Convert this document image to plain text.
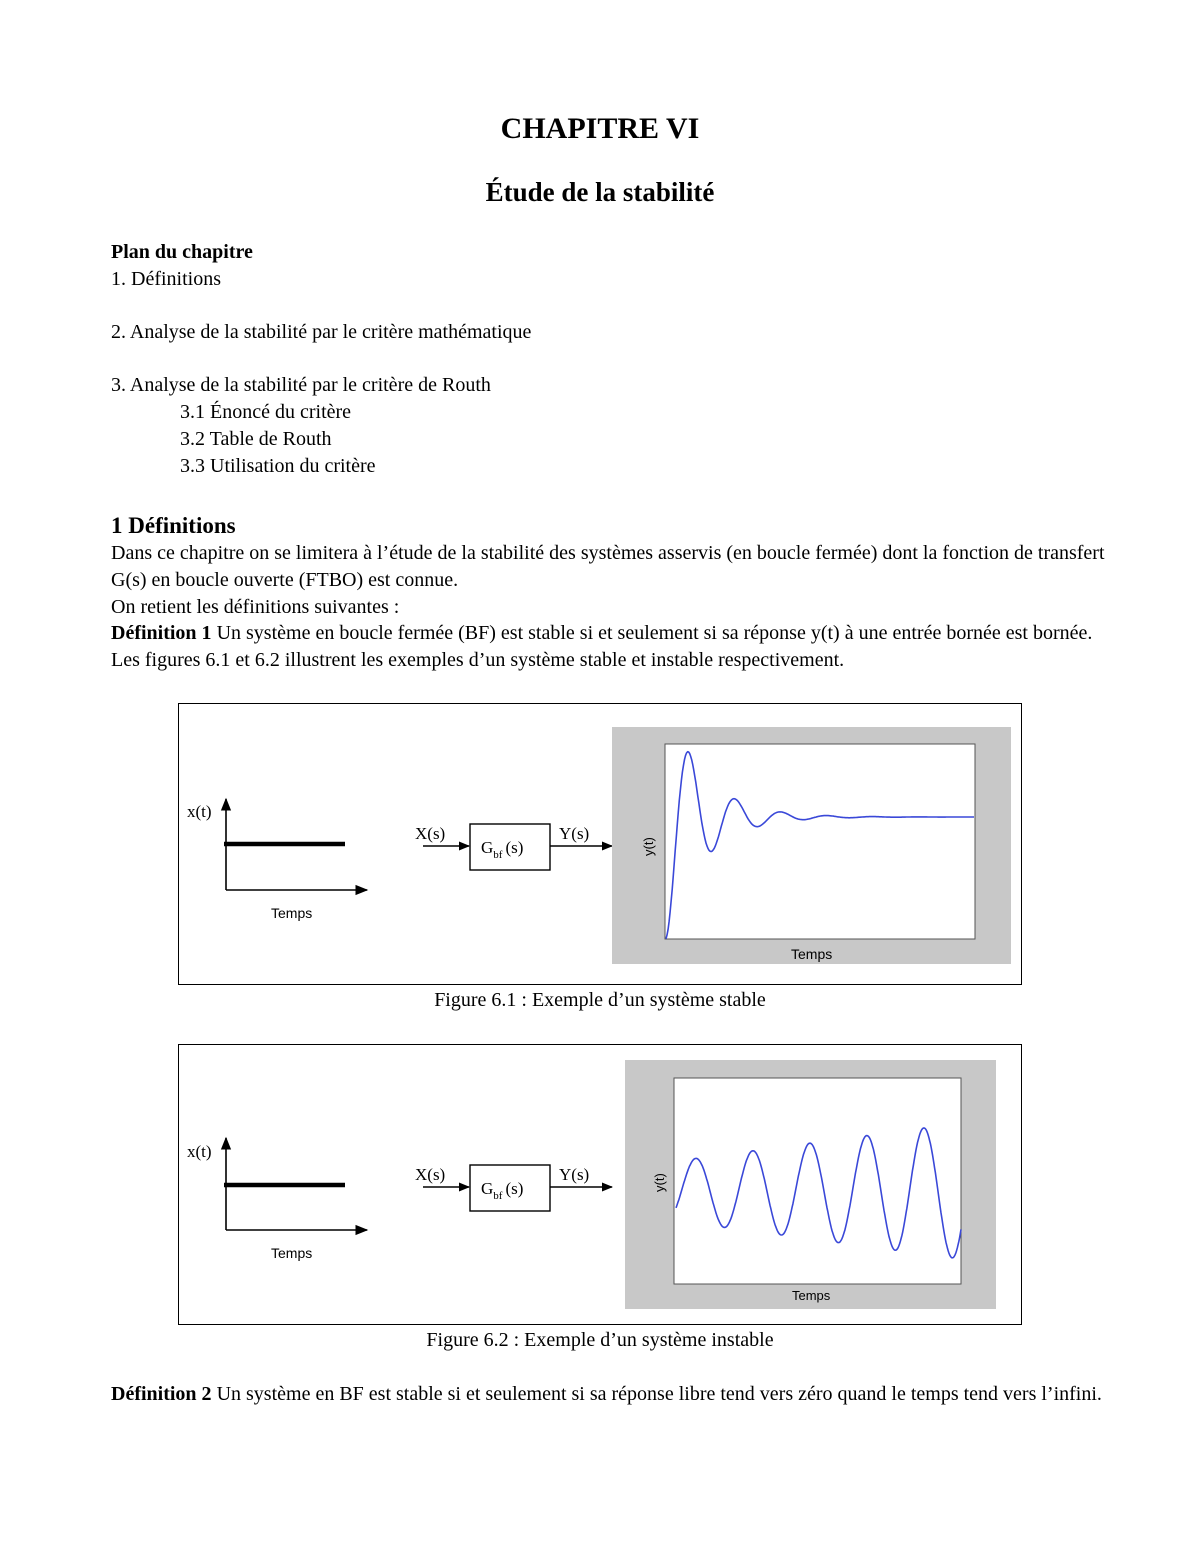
CHAPITRE VI
Étude de la stabilité
Plan du chapitre
1. Définitions
2. Analyse de la stabilité par le critère mathématique
3. Analyse de la stabilité par le critère de Routh
3.1 Énoncé du critère
3.2 Table de Routh
3.3 Utilisation du critère
1 Définitions

Dans ce chapitre on se limitera à l’étude de la stabilité des systèmes asservis (en boucle fermée) dont la fonction de transfert G(s) en boucle ouverte (FTBO) est connue.

On retient les définitions suivantes :

Définition 1 Un système en boucle fermée (BF) est stable si et seulement si sa réponse y(t) à une entrée bornée est bornée.

Les figures 6.1 et 6.2 illustrent les exemples d’un système stable et instable respectivement.

x(t)
Temps
X(s)
$G_{bf}$ (s)
Y(s)
y(t)
Temps
Figure 6.1 : Exemple d’un système stable
x(t)
Temps
X(s)
$G_{bf}$ (s)
Y(s)	y(t)
Temps
Figure 6.2 : Exemple d’un système instable

Définition 2 Un système en BF est stable si et seulement si sa réponse libre tend vers zéro quand le temps tend vers l’infini.
